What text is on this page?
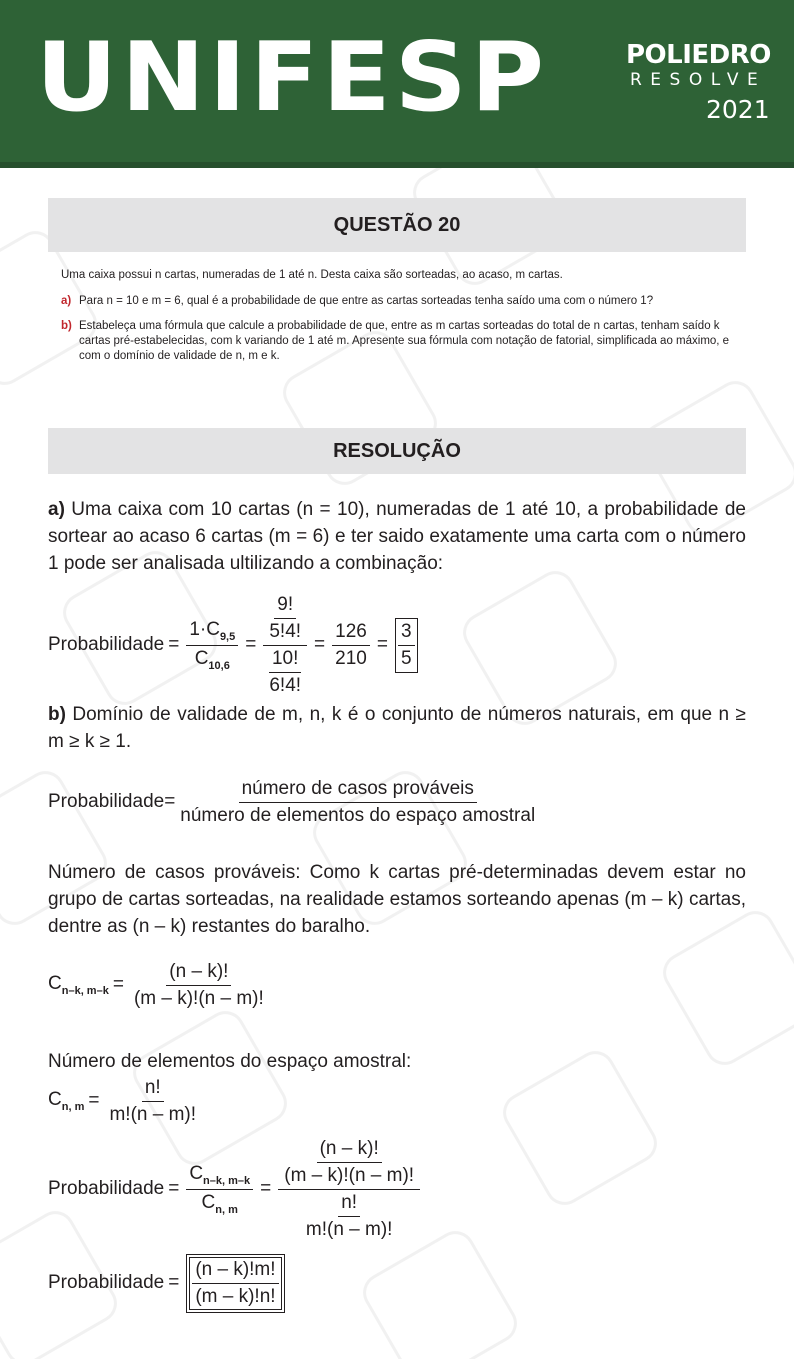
UNIFESP	POLIEDRO
RESOLVE
2021
QUESTÃO 20
Uma caixa possui n cartas, numeradas de 1 até n. Desta caixa são sorteadas, ao acaso, m cartas.
a) Para n = 10 e m = 6, qual é a probabilidade de que entre as cartas sorteadas tenha saído uma com o número 1?
b) Estabeleça uma fórmula que calcule a probabilidade de que, entre as m cartas sorteadas do total de n cartas, tenham saído k cartas pré-estabelecidas, com k variando de 1 até m. Apresente sua fórmula com notação de fatorial, simplificada ao máximo, e com o domínio de validade de n, m e k.
RESOLUÇÃO
a) Uma caixa com 10 cartas (n = 10), numeradas de 1 até 10, a probabilidade de sortear ao acaso 6 cartas (m = 6) e ter saido exatamente uma carta com o número 1 pode ser analisada ultilizando a combinação:
Probabilidade = $\frac{1\cdot C_{9,5}}{C_{10,6}} = \frac{\frac{9!}{5!4!}}{\frac{10!}{6!4!}} = \frac{126}{210} = \frac{3}{5}$
b) Domínio de validade de m, n, k é o conjunto de números naturais, em que n ≥ m ≥ k ≥ 1.
Probabilidade= $\frac{\text{número de casos prováveis}}{\text{número de elementos do espaço amostral}}$
Número de casos prováveis: Como k cartas pré-determinadas devem estar no grupo de cartas sorteadas, na realidade estamos sorteando apenas (m – k) cartas, dentre as (n – k) restantes do baralho.
$C_{n-k, m-k} = \frac{(n - k)!}{(m - k)!(n - m)!}$
Número de elementos do espaço amostral:
$C_{n, m} = \frac{n!}{m!(n - m)!}$
Probabilidade = $\frac{C_{n-k, m-k}}{C_{n, m}} = \frac{\frac{(n - k)!}{(m - k)!(n - m)!}}{\frac{n!}{m!(n - m)!}}$
Probabilidade = $\frac{(n - k)!m!}{(m - k)!n!}$
